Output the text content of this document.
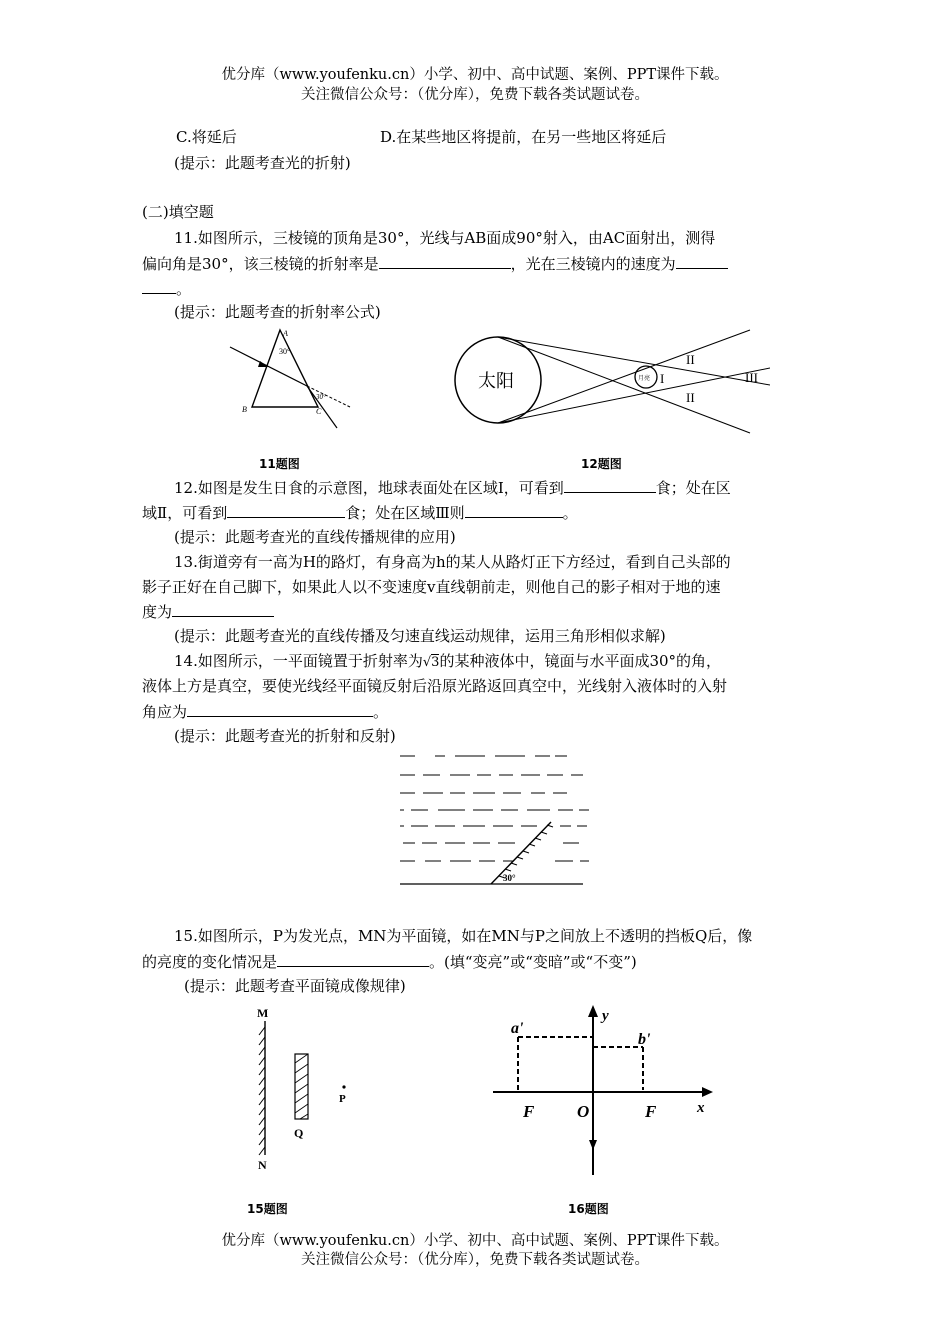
优分库（www.youfenku.cn）小学、初中、高中试题、案例、PPT课件下载。
关注微信公众号：（优分库），免费下载各类试题试卷。
C.将延后	D.在某些地区将提前，在另一些地区将延后
(提示：此题考查光的折射)
(二)填空题
11.如图所示，三棱镜的顶角是30°，光线与AB面成90°射入，由AC面射出，测得
偏向角是30°，该三棱镜的折射率是	，光在三棱镜内的速度为
。
(提示：此题考查的折射率公式)
A
30°
B	C
30°
11题图
太阳	月亮 I
II
II
III
12题图
12.如图是发生日食的示意图，地球表面处在区域Ⅰ，可看到	食；处在区
域Ⅱ，可看到	食；处在区域Ⅲ则	。
(提示：此题考查光的直线传播规律的应用)
13.街道旁有一高为H的路灯，有身高为h的某人从路灯正下方经过，看到自己头部的
影子正好在自己脚下，如果此人以不变速度v直线朝前走，则他自己的影子相对于地的速
度为
(提示：此题考查光的直线传播及匀速直线运动规律，运用三角形相似求解)
14.如图所示，一平面镜置于折射率为√3的某种液体中，镜面与水平面成30°的角，
液体上方是真空，要使光线经平面镜反射后沿原光路返回真空中，光线射入液体时的入射
角应为	。
(提示：此题考查光的折射和反射)
30°
15.如图所示，P为发光点，MN为平面镜，如在MN与P之间放上不透明的挡板Q后，像
的亮度的变化情况是	。(填“变亮”或“变暗”或“不变”)
(提示：此题考查平面镜成像规律)
M
N
Q
P
15题图
a'
b'
y
x
F	O	F
16题图
优分库（www.youfenku.cn）小学、初中、高中试题、案例、PPT课件下载。
关注微信公众号：（优分库），免费下载各类试题试卷。
